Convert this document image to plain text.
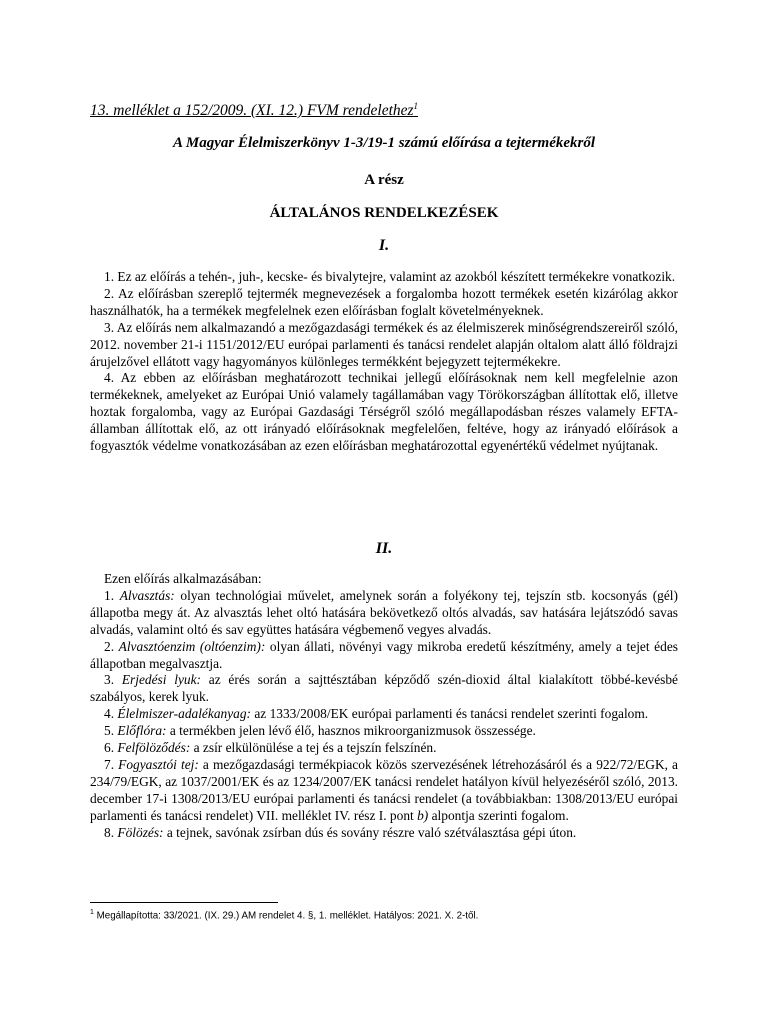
13. melléklet a 152/2009. (XI. 12.) FVM rendelethez$^1$
A Magyar Élelmiszerkönyv 1-3/19-1 számú előírása a tejtermékekről
A rész
ÁLTALÁNOS RENDELKEZÉSEK
I.

1. Ez az előírás a tehén-, juh-, kecske- és bivalytejre, valamint az azokból készített termékekre vonatkozik.

2. Az előírásban szereplő tejtermék megnevezések a forgalomba hozott termékek esetén kizárólag akkor használhatók, ha a termékek megfelelnek ezen előírásban foglalt követelményeknek.

3. Az előírás nem alkalmazandó a mezőgazdasági termékek és az élelmiszerek minőségrendszereiről szóló, 2012. november 21-i 1151/2012/EU európai parlamenti és tanácsi rendelet alapján oltalom alatt álló földrajzi árujelzővel ellátott vagy hagyományos különleges termékként bejegyzett tejtermékekre.

4. Az ebben az előírásban meghatározott technikai jellegű előírásoknak nem kell megfelelnie azon termékeknek, amelyeket az Európai Unió valamely tagállamában vagy Törökországban állítottak elő, illetve hoztak forgalomba, vagy az Európai Gazdasági Térségről szóló megállapodásban részes valamely EFTA-államban állítottak elő, az ott irányadó előírásoknak megfelelően, feltéve, hogy az irányadó előírások a fogyasztók védelme vonatkozásában az ezen előírásban meghatározottal egyenértékű védelmet nyújtanak.

II.

Ezen előírás alkalmazásában:

1. Alvasztás: olyan technológiai művelet, amelynek során a folyékony tej, tejszín stb. kocsonyás (gél) állapotba megy át. Az alvasztás lehet oltó hatására bekövetkező oltós alvadás, sav hatására lejátszódó savas alvadás, valamint oltó és sav együttes hatására végbemenő vegyes alvadás.

2. Alvasztóenzim (oltóenzim): olyan állati, növényi vagy mikroba eredetű készítmény, amely a tejet édes állapotban megalvasztja.

3. Erjedési lyuk: az érés során a sajttésztában képződő szén-dioxid által kialakított többé-kevésbé szabályos, kerek lyuk.

4. Élelmiszer-adalékanyag: az 1333/2008/EK európai parlamenti és tanácsi rendelet szerinti fogalom.

5. Előflóra: a termékben jelen lévő élő, hasznos mikroorganizmusok összessége.

6. Felfölöződés: a zsír elkülönülése a tej és a tejszín felszínén.

7. Fogyasztói tej: a mezőgazdasági termékpiacok közös szervezésének létrehozásáról és a 922/72/EGK, a 234/79/EGK, az 1037/2001/EK és az 1234/2007/EK tanácsi rendelet hatályon kívül helyezéséről szóló, 2013. december 17-i 1308/2013/EU európai parlamenti és tanácsi rendelet (a továbbiakban: 1308/2013/EU európai parlamenti és tanácsi rendelet) VII. melléklet IV. rész I. pont b) alpontja szerinti fogalom.

8. Fölözés: a tejnek, savónak zsírban dús és sovány részre való szétválasztása gépi úton.

$^1$ Megállapította: 33/2021. (IX. 29.) AM rendelet 4. §, 1. melléklet. Hatályos: 2021. X. 2-től.
